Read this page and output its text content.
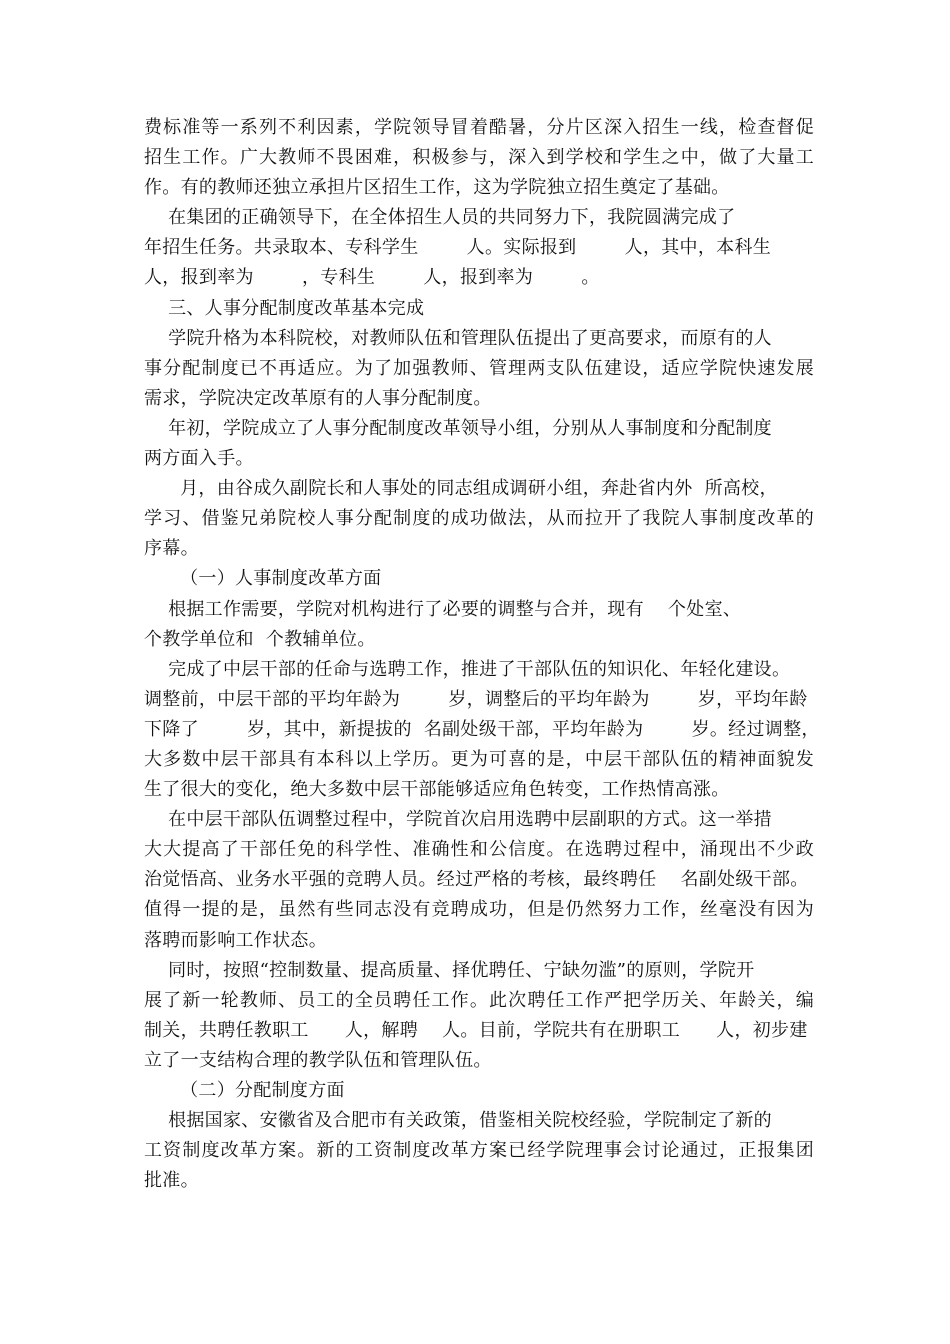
费标准等一系列不利因素，学院领导冒着酷暑，分片区深入招生一线，检查督促
招生工作。广大教师不畏困难，积极参与，深入到学校和学生之中，做了大量工
作。有的教师还独立承担片区招生工作，这为学院独立招生奠定了基础。
在集团的正确领导下，在全体招生人员的共同努力下，我院圆满完成了
年招生任务。共录取本、专科学生        人。实际报到        人，其中，本科生
人，报到率为        ，专科生        人，报到率为        。
三、人事分配制度改革基本完成
学院升格为本科院校，对教师队伍和管理队伍提出了更高要求，而原有的人
事分配制度已不再适应。为了加强教师、管理两支队伍建设，适应学院快速发展
需求，学院决定改革原有的人事分配制度。
年初，学院成立了人事分配制度改革领导小组，分别从人事制度和分配制度
两方面入手。
月，由谷成久副院长和人事处的同志组成调研小组，奔赴省内外  所高校，
学习、借鉴兄弟院校人事分配制度的成功做法，从而拉开了我院人事制度改革的
序幕。
（一）人事制度改革方面
根据工作需要，学院对机构进行了必要的调整与合并，现有    个处室、
个教学单位和  个教辅单位。
完成了中层干部的任命与选聘工作，推进了干部队伍的知识化、年轻化建设。
调整前，中层干部的平均年龄为        岁，调整后的平均年龄为        岁，平均年龄
下降了        岁，其中，新提拔的  名副处级干部，平均年龄为        岁。经过调整，
大多数中层干部具有本科以上学历。更为可喜的是，中层干部队伍的精神面貌发
生了很大的变化，绝大多数中层干部能够适应角色转变，工作热情高涨。
在中层干部队伍调整过程中，学院首次启用选聘中层副职的方式。这一举措
大大提高了干部任免的科学性、准确性和公信度。在选聘过程中，涌现出不少政
治觉悟高、业务水平强的竞聘人员。经过严格的考核，最终聘任    名副处级干部。
值得一提的是，虽然有些同志没有竞聘成功，但是仍然努力工作，丝毫没有因为
落聘而影响工作状态。
同时，按照“控制数量、提高质量、择优聘任、宁缺勿滥”的原则，学院开
展了新一轮教师、员工的全员聘任工作。此次聘任工作严把学历关、年龄关，编
制关，共聘任教职工      人，解聘    人。目前，学院共有在册职工      人，初步建
立了一支结构合理的教学队伍和管理队伍。
（二）分配制度方面
根据国家、安徽省及合肥市有关政策，借鉴相关院校经验，学院制定了新的
工资制度改革方案。新的工资制度改革方案已经学院理事会讨论通过，正报集团
批准。
